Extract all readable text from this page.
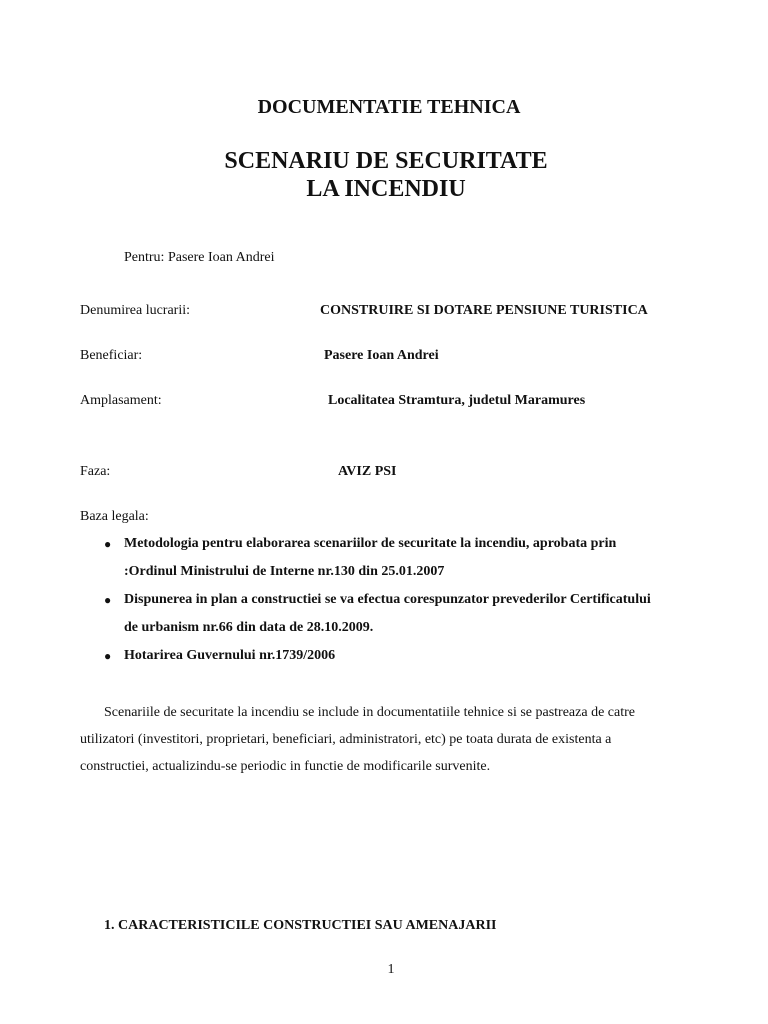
DOCUMENTATIE TEHNICA
SCENARIU DE SECURITATE
LA INCENDIU
Pentru: Pasere Ioan Andrei
Denumirea lucrarii:	CONSTRUIRE SI DOTARE PENSIUNE TURISTICA
Beneficiar:	Pasere Ioan Andrei
Amplasament:	Localitatea Stramtura, judetul Maramures
Faza:	AVIZ PSI
Baza legala:
● Metodologia pentru elaborarea scenariilor de securitate la incendiu, aprobata prin
:Ordinul Ministrului de Interne nr.130 din 25.01.2007
● Dispunerea in plan a constructiei se va efectua corespunzator prevederilor Certificatului
de urbanism nr.66 din data de 28.10.2009.
● Hotarirea Guvernului nr.1739/2006
Scenariile de securitate la incendiu se include in documentatiile tehnice si se pastreaza de catre
utilizatori (investitori, proprietari, beneficiari, administratori, etc) pe toata durata de existenta a
constructiei, actualizindu-se periodic in functie de modificarile survenite.
1. CARACTERISTICILE CONSTRUCTIEI SAU AMENAJARII
1
